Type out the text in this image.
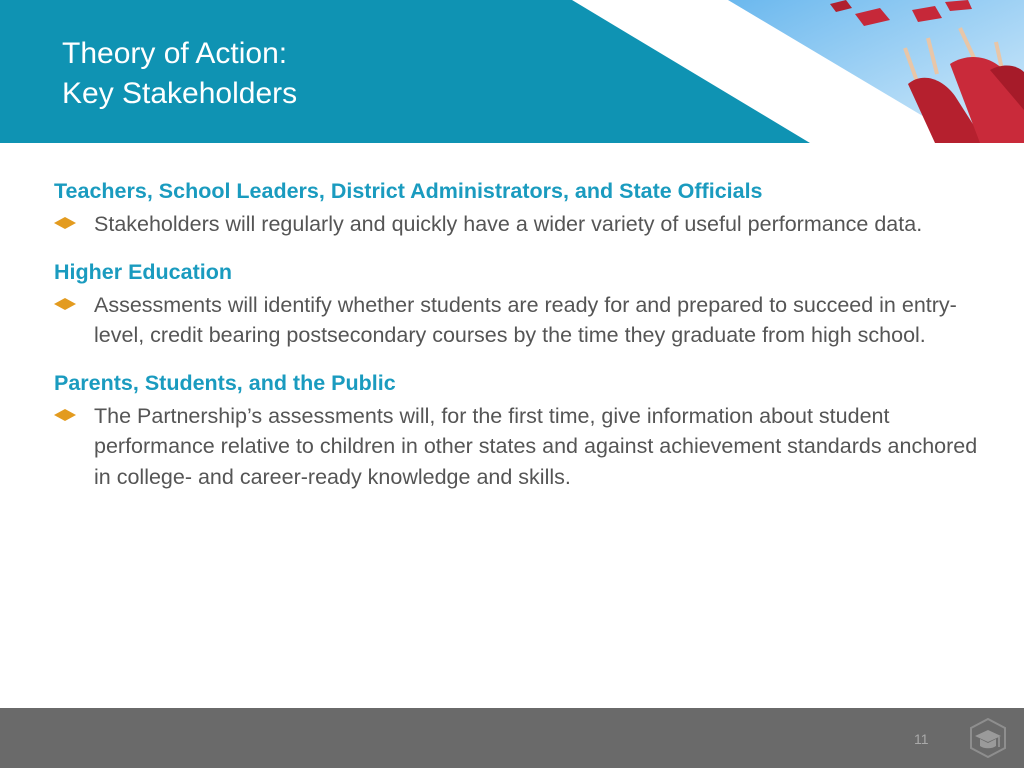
Theory of Action:
Key Stakeholders
Teachers, School Leaders, District Administrators, and State Officials
Stakeholders will regularly and quickly have a wider variety of useful performance data.
Higher Education
Assessments will identify whether students are ready for and prepared to succeed in entry-level, credit bearing postsecondary courses by the time they graduate from high school.
Parents, Students, and the Public
The Partnership’s assessments will, for the first time, give information about student performance relative to children in other states and against achievement standards anchored in college- and career-ready knowledge and skills.
11
